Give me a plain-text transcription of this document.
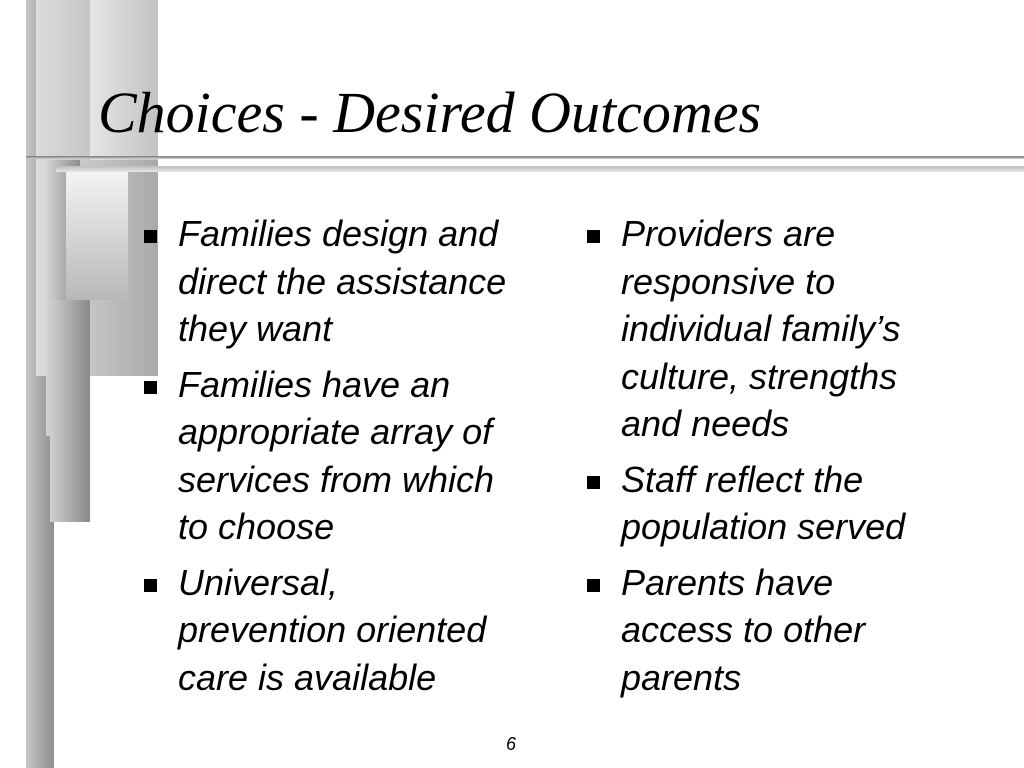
Choices - Desired Outcomes
Families design and
direct the assistance
they want
Families have an
appropriate array of
services from which
to choose
Universal,
prevention oriented
care is available
Providers are
responsive to
individual family’s
culture, strengths
and needs
Staff reflect the
population served
Parents have
access to other
parents
6
